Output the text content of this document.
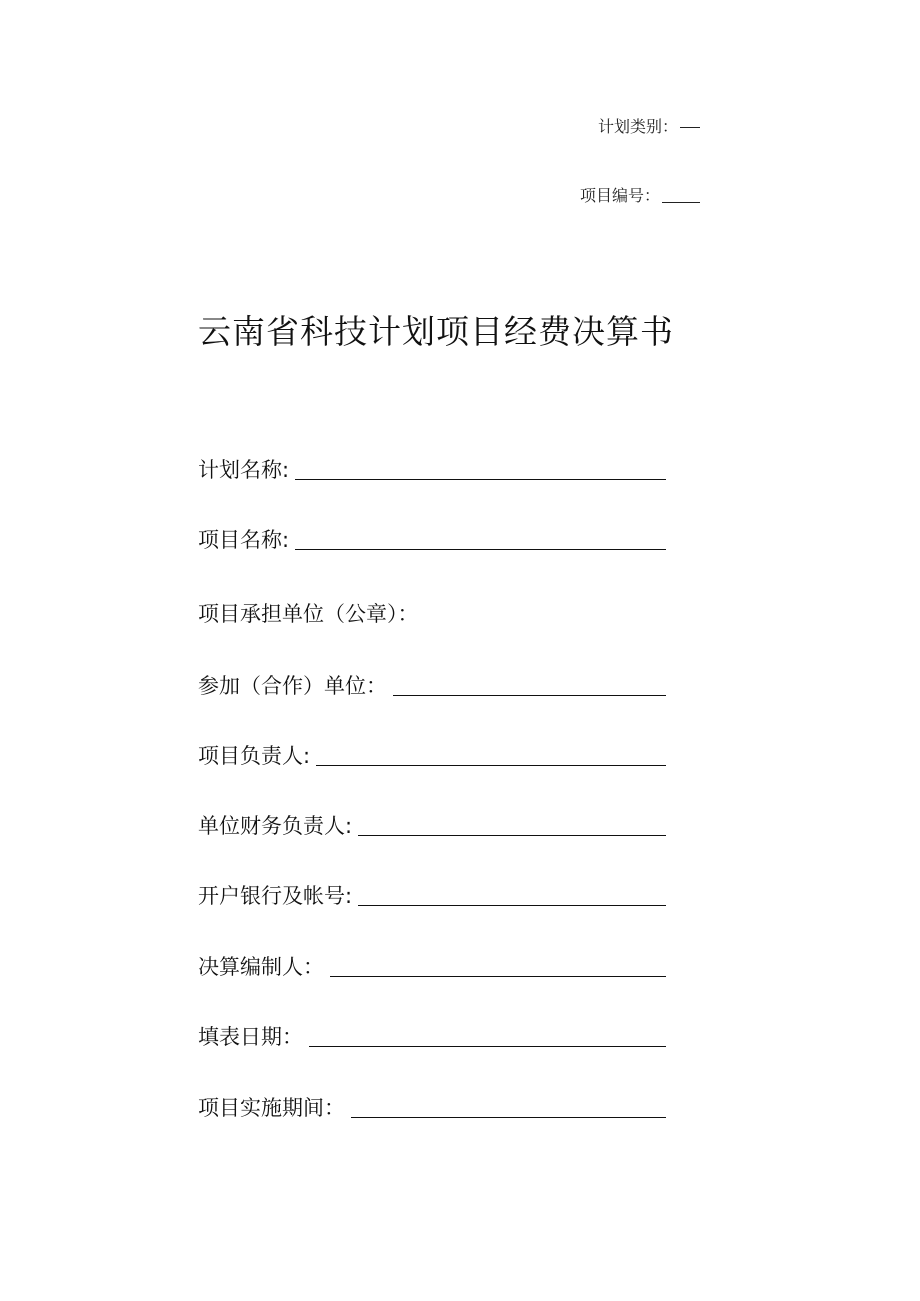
计划类别：
项目编号：
云南省科技计划项目经费决算书
计划名称:
项目名称:
项目承担单位（公章）：
参加（合作）单位：
项目负责人:
单位财务负责人:
开户银行及帐号:
决算编制人：
填表日期：
项目实施期间：
